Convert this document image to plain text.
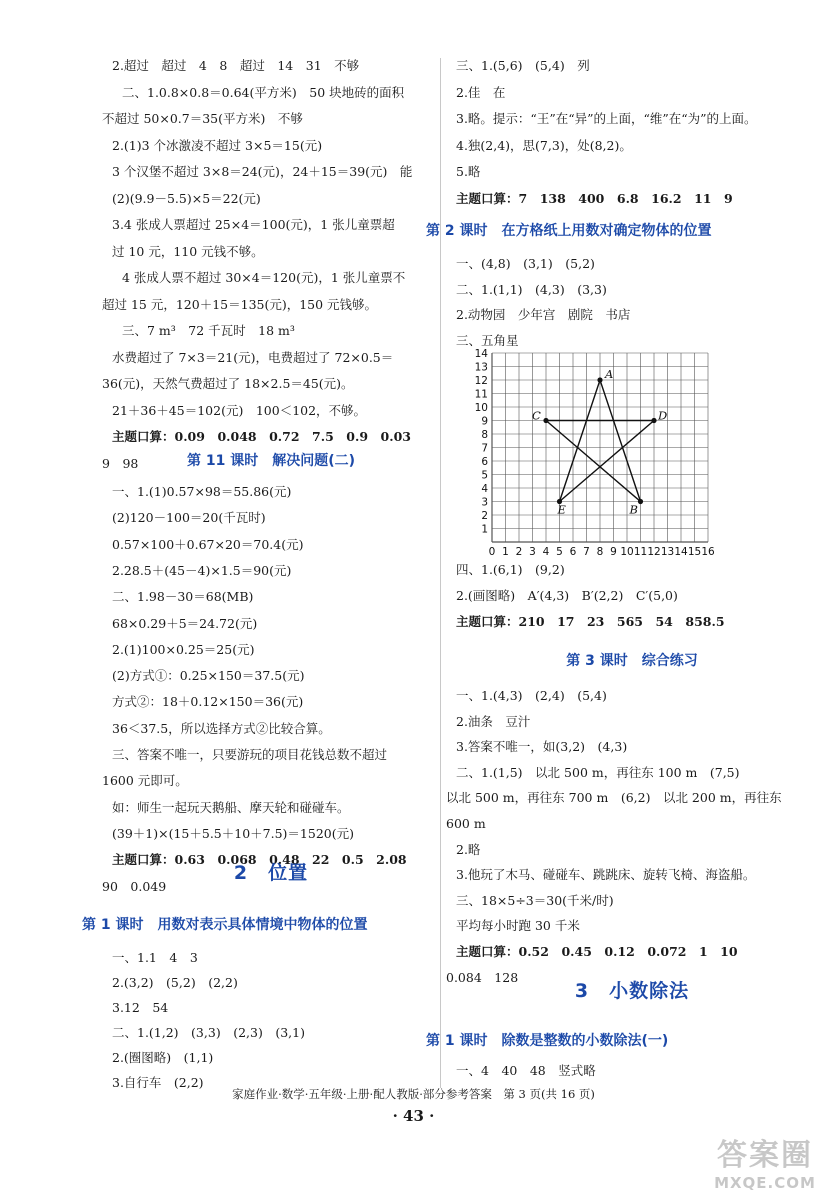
2.超过　超过　4　8　超过　14　31　不够
二、1.0.8×0.8＝0.64(平方米)　50 块地砖的面积
不超过 50×0.7＝35(平方米)　不够
2.(1)3 个冰激凌不超过 3×5＝15(元)
3 个汉堡不超过 3×8＝24(元)，24＋15＝39(元)　能
(2)(9.9－5.5)×5＝22(元)
3.4 张成人票超过 25×4＝100(元)，1 张儿童票超
过 10 元，110 元钱不够。
4 张成人票不超过 30×4＝120(元)，1 张儿童票不
超过 15 元，120＋15＝135(元)，150 元钱够。
三、7 m³　72 千瓦时　18 m³
水费超过了 7×3＝21(元)，电费超过了 72×0.5＝
36(元)，天然气费超过了 18×2.5＝45(元)。
21＋36＋45＝102(元)　100＜102，不够。
主题口算：0.09　0.048　0.72　7.5　0.9　0.03
9　98	第 11 课时　解决问题(二)
一、1.(1)0.57×98＝55.86(元)
(2)120－100＝20(千瓦时)
0.57×100＋0.67×20＝70.4(元)
2.28.5＋(45－4)×1.5＝90(元)
二、1.98－30＝68(MB)
68×0.29＋5＝24.72(元)
2.(1)100×0.25＝25(元)
(2)方式①：0.25×150＝37.5(元)
方式②：18＋0.12×150＝36(元)
36＜37.5，所以选择方式②比较合算。
三、答案不唯一，只要游玩的项目花钱总数不超过
1600 元即可。
如：师生一起玩天鹅船、摩天轮和碰碰车。
(39＋1)×(15＋5.5＋10＋7.5)＝1520(元)
主题口算：0.63　0.068　0.48　22　0.5　2.08
90　0.049
2　位置
第 1 课时　用数对表示具体情境中物体的位置
一、1.1　4　3
2.(3,2)　(5,2)　(2,2)
3.12　54
二、1.(1,2)　(3,3)　(2,3)　(3,1)
2.(圈图略)　(1,1)
3.自行车　(2,2)
0 1 2 3 4 5 6 7 8 9 10 11 12 13 14 15 16
1
2
3
4
5
6
7
8
9
10
11
12
13
14
A
B
C	D
E
三、1.(5,6)　(5,4)　列
2.佳　在
3.略。提示：“王”在“异”的上面，“维”在“为”的上面。
4.独(2,4)，思(7,3)，处(8,2)。
5.略
主题口算：7　138　400　6.8　16.2　11　9
第 2 课时　在方格纸上用数对确定物体的位置
一、(4,8)　(3,1)　(5,2)
二、1.(1,1)　(4,3)　(3,3)
2.动物园　少年宫　剧院　书店
三、五角星
四、1.(6,1)　(9,2)
2.(画图略)　A′(4,3)　B′(2,2)　C′(5,0)
主题口算：210　17　23　565　54　858.5
第 3 课时　综合练习
一、1.(4,3)　(2,4)　(5,4)
2.油条　豆汁
3.答案不唯一，如(3,2)　(4,3)
二、1.(1,5)　以北 500 m，再往东 100 m　(7,5)
以北 500 m，再往东 700 m　(6,2)　以北 200 m，再往东
600 m
2.略
3.他玩了木马、碰碰车、跳跳床、旋转飞椅、海盗船。
三、18×5÷3＝30(千米/时)
平均每小时跑 30 千米
主题口算：0.52　0.45　0.12　0.072　1　10
0.084　128
3　小数除法
第 1 课时　除数是整数的小数除法(一)
一、4　40　48　竖式略
家庭作业·数学·五年级·上册·配人教版·部分参考答案　第 3 页(共 16 页)
· 43 ·
答案圈
MXQE.COM
